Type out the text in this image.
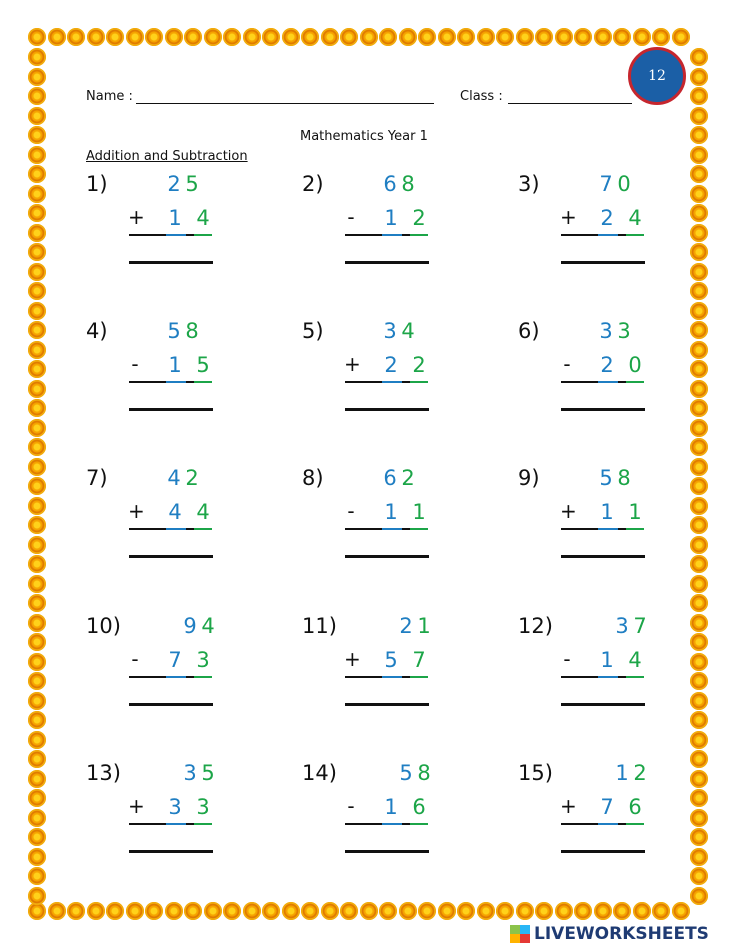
Name :	Class :
12
Mathematics Year 1
Addition and Subtraction
1)	2 5
+ 1 4
2)	6 8
- 1 2
3)	7 0
+ 2 4
4)	5 8
- 1 5
5)	3 4
+ 2 2
6)	3 3
- 2 0
7)	4 2
+ 4 4
8)	6 2
- 1 1
9)	5 8
+ 1 1
10)	9 4
- 7 3
11)	2 1
+ 5 7
12)	3 7
- 1 4
13)	3 5
+ 3 3
14)	5 8
- 1 6
15)	1 2
+ 7 6
LIVEWORKSHEETS
